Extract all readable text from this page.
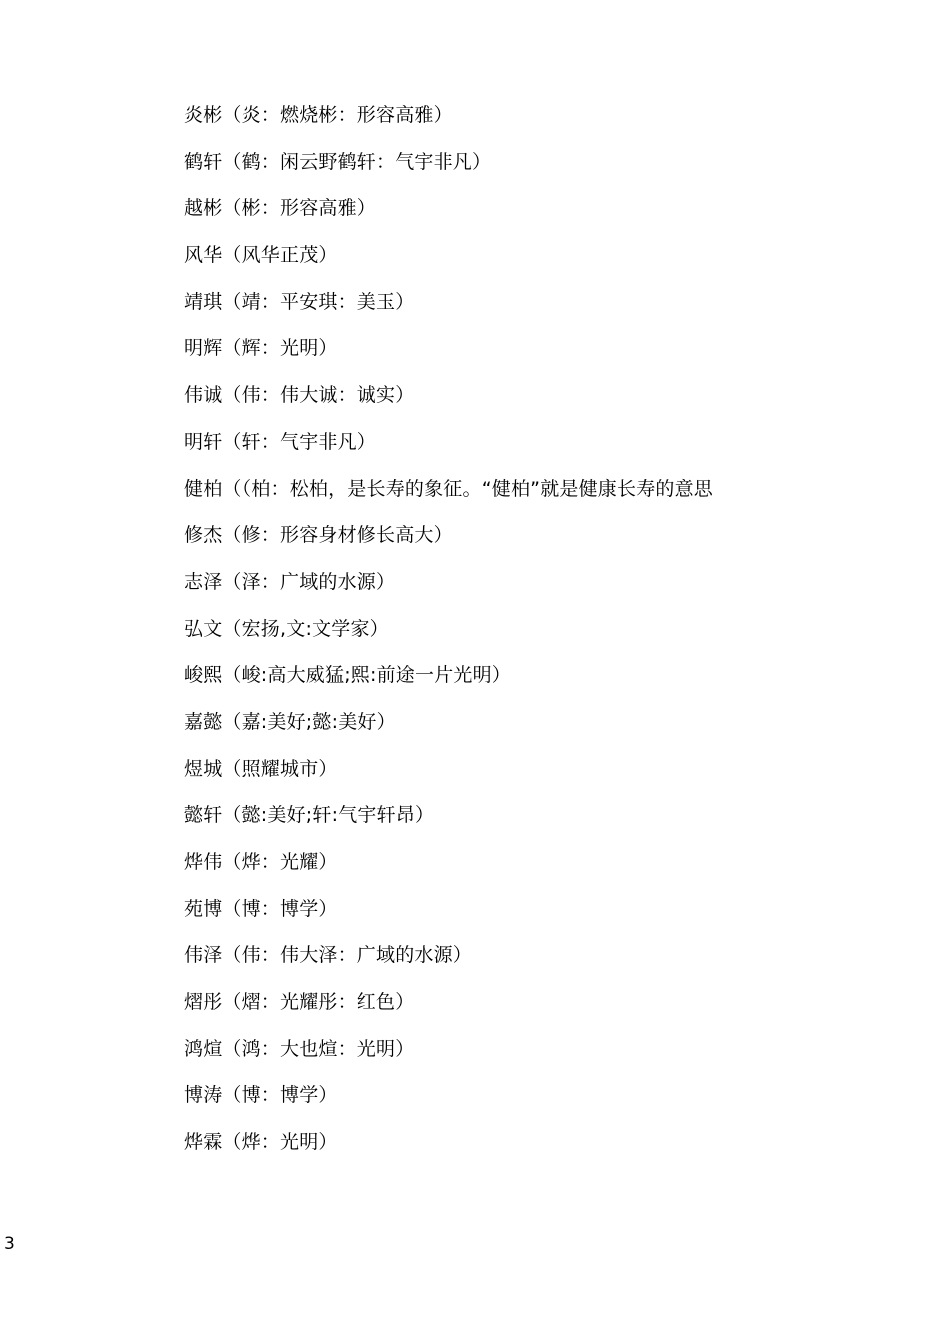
炎彬（炎：燃烧彬：形容高雅）
鹤轩（鹤：闲云野鹤轩：气宇非凡）
越彬（彬：形容高雅）
风华（风华正茂）
靖琪（靖：平安琪：美玉）
明辉（辉：光明）
伟诚（伟：伟大诚：诚实）
明轩（轩：气宇非凡）
健柏（（柏：松柏，是长寿的象征。“健柏”就是健康长寿的意思
修杰（修：形容身材修长高大）
志泽（泽：广域的水源）
弘文（宏扬,文:文学家）
峻熙（峻:高大威猛;熙:前途一片光明）
嘉懿（嘉:美好;懿:美好）
煜城（照耀城市）
懿轩（懿:美好;轩:气宇轩昂）
烨伟（烨：光耀）
苑博（博：博学）
伟泽（伟：伟大泽：广域的水源）
熠彤（熠：光耀彤：红色）
鸿煊（鸿：大也煊：光明）
博涛（博：博学）
烨霖（烨：光明）
3
